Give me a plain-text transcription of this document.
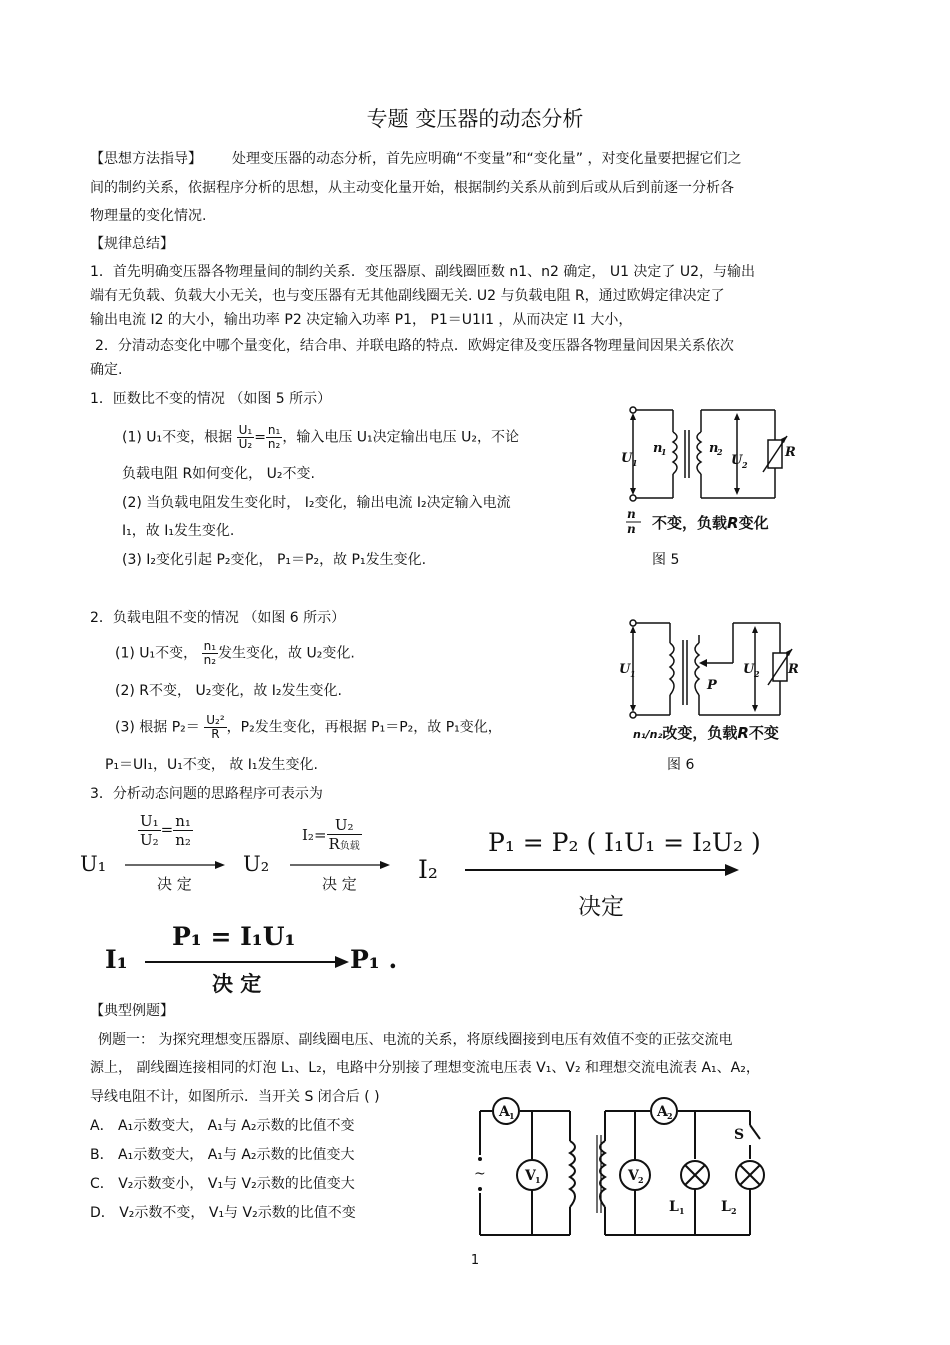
专题 变压器的动态分析
【思想方法指导】 处理变压器的动态分析，首先应明确“不变量”和“变化量” ，对变化量要把握它们之
间的制约关系，依据程序分析的思想，从主动变化量开始，根据制约关系从前到后或从后到前逐一分析各
物理量的变化情况.
【规律总结】
1．首先明确变压器各物理量间的制约关系．变压器原、副线圈匝数 n1、n2 确定， U1 决定了 U2，与输出
端有无负载、负载大小无关，也与变压器有无其他副线圈无关. U2 与负载电阻 R，通过欧姆定律决定了
输出电流 I2 的大小，输出功率 P2 决定输入功率 P1， P1＝U1I1 ，从而决定 I1 大小，
2．分清动态变化中哪个量变化，结合串、并联电路的特点．欧姆定律及变压器各物理量间因果关系依次
确定.
1．匝数比不变的情况 （如图 5 所示）
(1) U₁不变，根据 $\frac{\text{U₁}}{\text{U₂}} = \frac{\text{n₁}}{\text{n₂}}$ ，输入电压 U₁决定输出电压 U₂，不论
负载电阻 R如何变化， U₂不变.
(2) 当负载电阻发生变化时， I₂变化，输出电流 I₂决定输入电流
I₁，故 I₁发生变化.
(3) I₂变化引起 P₂变化， P₁＝P₂，故 P₁发生变化.
U 1
n
1	n
2
U 2
R
n
n 不变，负载R变化
图 5
2．负载电阻不变的情况 （如图 6 所示）
(1) U₁不变， $\frac{\text{n₁}}{\text{n₂}}$ 发生变化，故 U₂变化.
(2) R不变， U₂变化，故 I₂发生变化.
(3) 根据 $P_2= \frac{\text{U₂²}}{R}$ ，P₂发生变化，再根据 P₁＝P₂，故 P₁变化，
P₁＝UI₁，U₁不变， 故 I₁发生变化.
U 1
P
U 2 R
n₁/n₂改变，负载R不变
图 6
3．分析动态问题的思路程序可表示为
U₁
$\frac{\text{U₁}}{\text{U₂}} = \frac{\text{n₁}}{\text{n₂}}$
决 定
U₂
$I_2= \frac{\text{U₂}}{\text{R负载}}$
决 定 I₂
P₁ = P₂ ( I₁U₁ = I₂U₂ )
决定
I₁
P₁ = I₁U₁
决 定
P₁ .
【典型例题】
例题一： 为探究理想变压器原、副线圈电压、电流的关系，将原线圈接到电压有效值不变的正弦交流电
源上， 副线圈连接相同的灯泡 L₁、L₂，电路中分别接了理想变流电压表 V₁、V₂ 和理想交流电流表 A₁、A₂，
导线电阻不计，如图所示．当开关 S 闭合后 ( )
A． A₁示数变大， A₁与 A₂示数的比值不变
B． A₁示数变大， A₁与 A₂示数的比值变大
C． V₂示数变小， V₁与 V₂示数的比值变大
D． V₂示数不变， V₁与 V₂示数的比值不变
~
A 1
V 1
A 2
V 2
L 1	L 2
S
1
